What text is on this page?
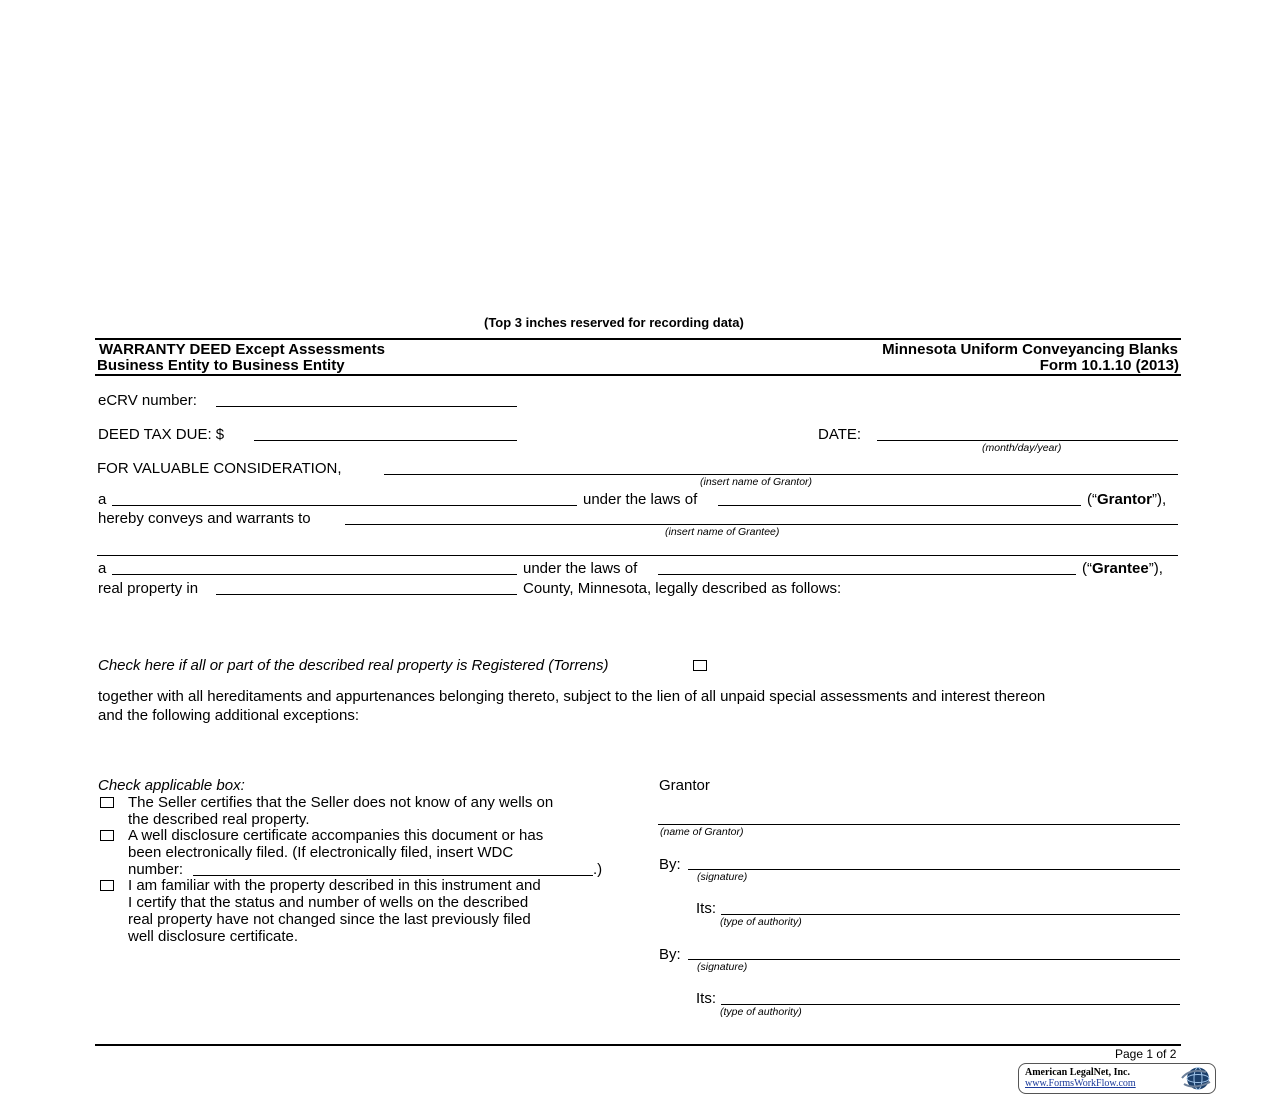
(Top 3 inches reserved for recording data)
WARRANTY DEED Except Assessments
Business Entity to Business Entity
Minnesota Uniform Conveyancing Blanks
Form 10.1.10 (2013)
eCRV number:
DEED TAX DUE: $	DATE:
(month/day/year)
FOR VALUABLE CONSIDERATION,
(insert name of Grantor)
a	under the laws of	(“Grantor”),
hereby conveys and warrants to
(insert name of Grantee)
a	under the laws of	(“Grantee”),
real property in	County, Minnesota, legally described as follows:
Check here if all or part of the described real property is Registered (Torrens)
together with all hereditaments and appurtenances belonging thereto, subject to the lien of all unpaid special assessments and interest thereon
and the following additional exceptions:
Check applicable box:
The Seller certifies that the Seller does not know of any wells on
the described real property.
A well disclosure certificate accompanies this document or has
been electronically filed. (If electronically filed, insert WDC
number:	.)
I am familiar with the property described in this instrument and
I certify that the status and number of wells on the described
real property have not changed since the last previously filed
well disclosure certificate.
Grantor
(name of Grantor)
By:
(signature)
Its:
(type of authority)
By:
(signature)
Its:
(type of authority)
Page 1 of 2
American LegalNet, Inc.
www.FormsWorkFlow.com
